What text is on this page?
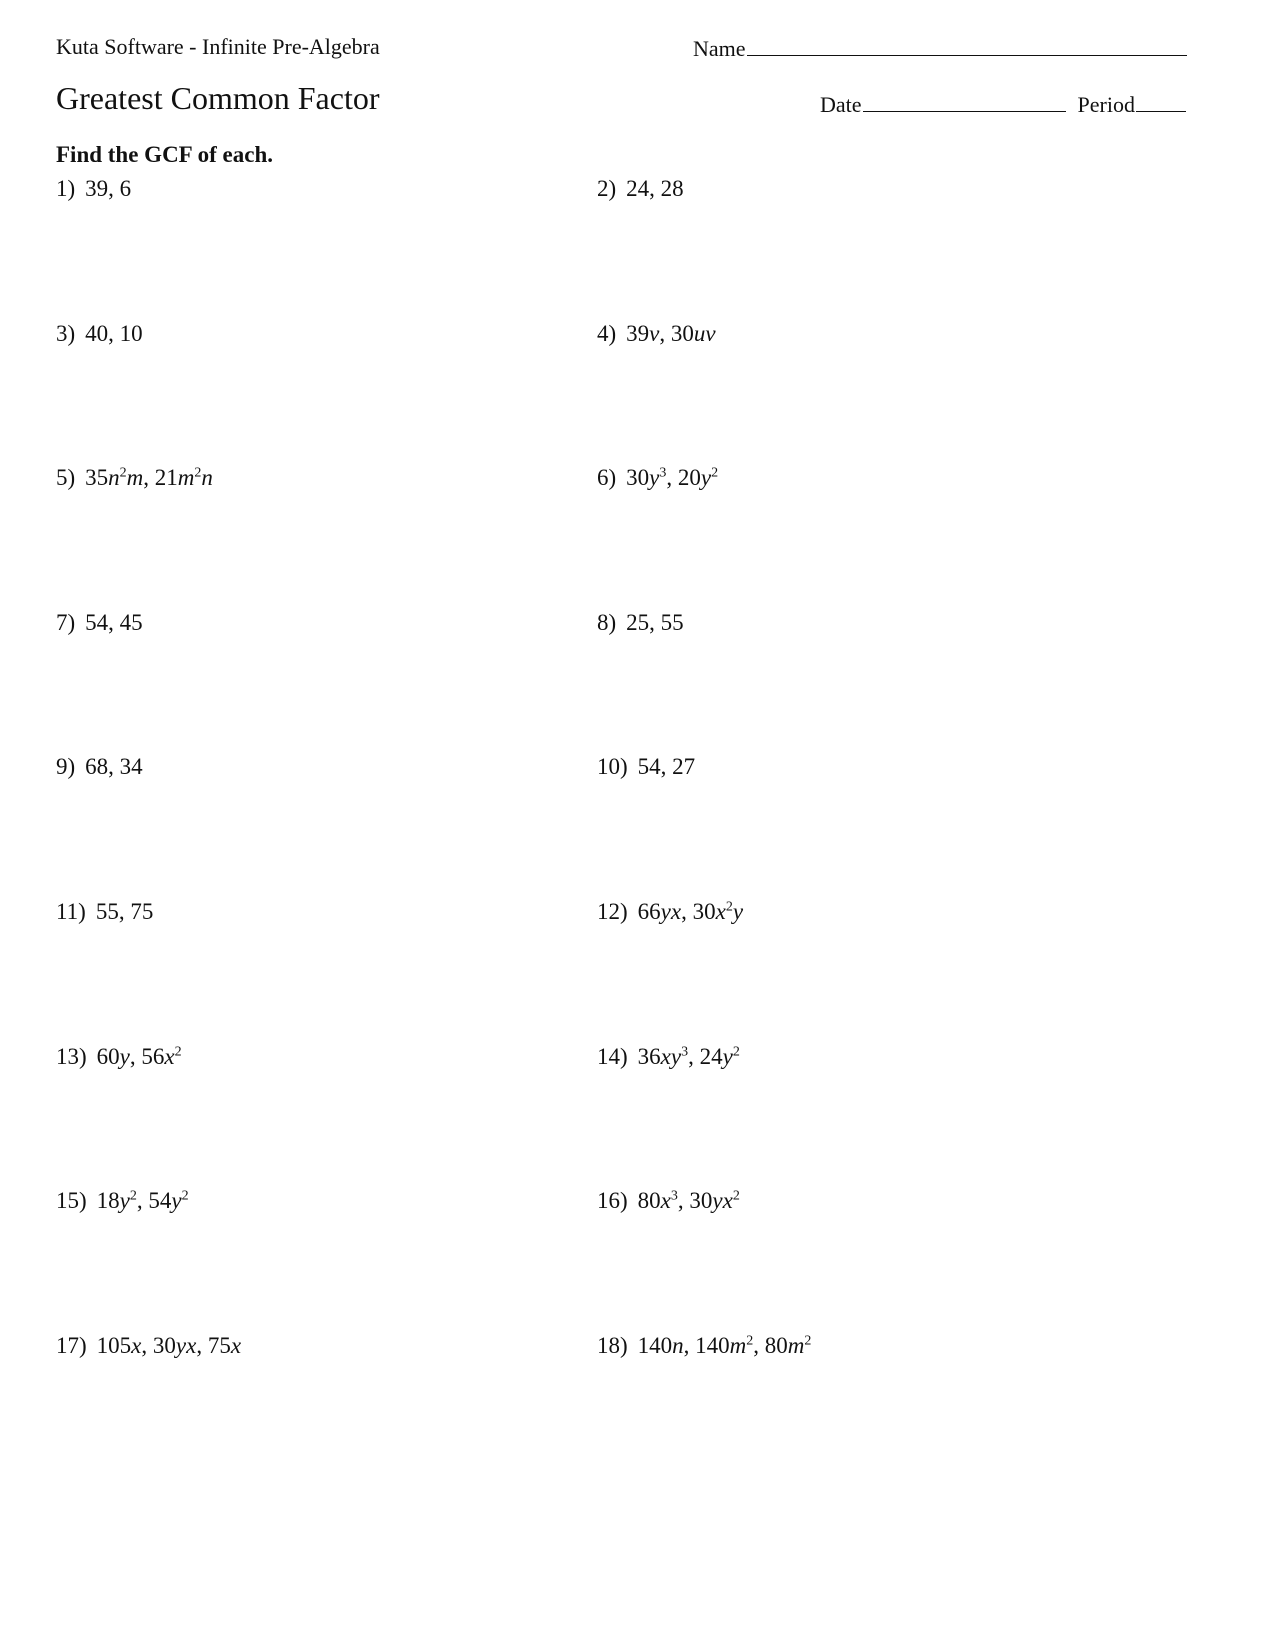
Kuta Software - Infinite Pre-Algebra	Name
Greatest Common Factor	Date	Period
Find the GCF of each.
1) 39, 6	2) 24, 28
3) 40, 10	4) 39v, 30uv
5) $35n^2m$, $21m^2n$	6) $30y^3$, $20y^2$
7) 54, 45	8) 25, 55
9) 68, 34	10) 54, 27
11) 55, 75	12) 66yx, $30x^2y$
13) 60y, $56x^2$	14) $36xy^3$, $24y^2$
15) $18y^2$, $54y^2$	16) $80x^3$, $30yx^2$
17) 105x, 30yx, 75x	18) 140n, $140m^2$, $80m^2$
